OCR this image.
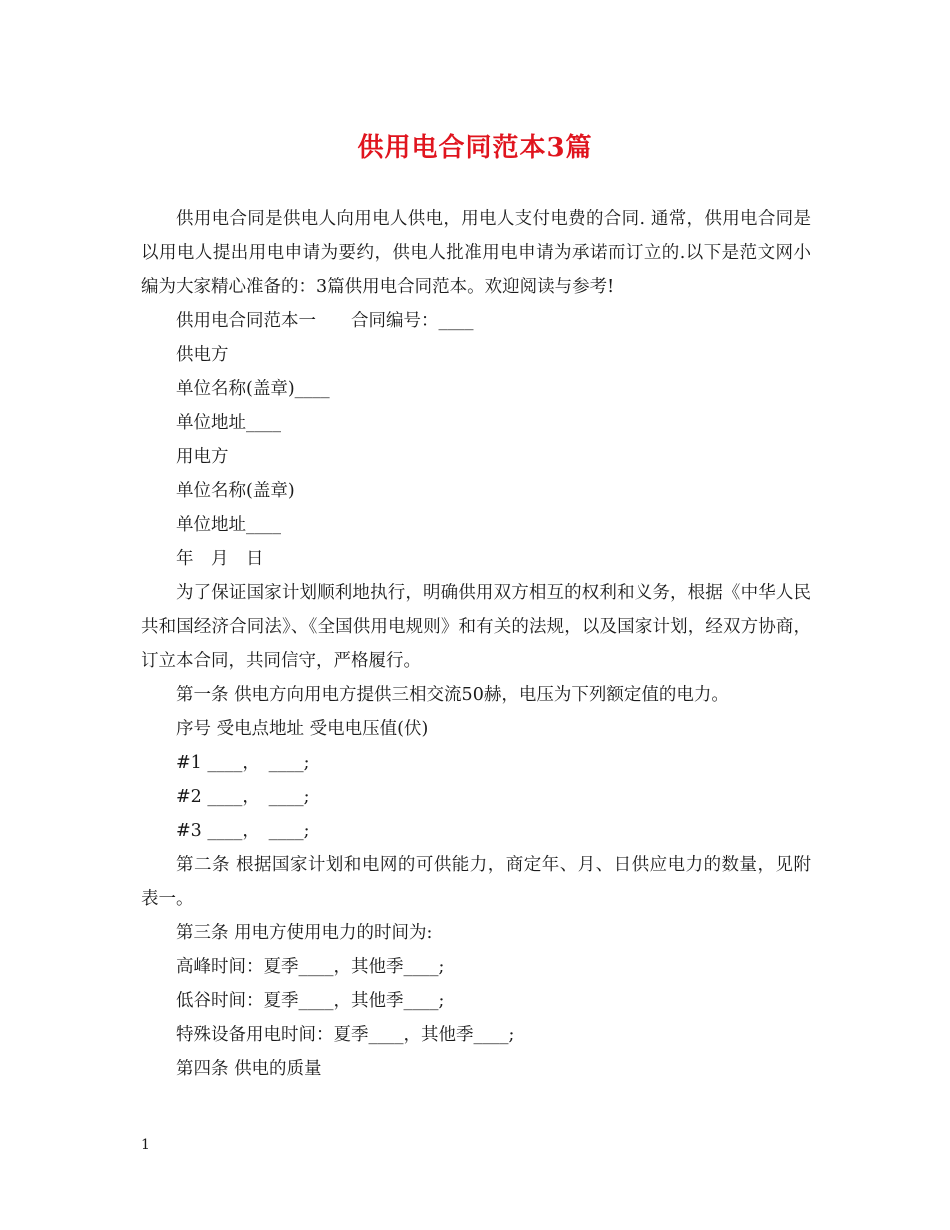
供用电合同范本3篇

供用电合同是供电人向用电人供电，用电人支付电费的合同. 通常，供用电合同是以用电人提出用电申请为要约，供电人批准用电申请为承诺而订立的.以下是范文网小编为大家精心准备的：3篇供用电合同范本。欢迎阅读与参考!

供用电合同范本一　　合同编号：____

供电方

单位名称(盖章)____

单位地址____

用电方

单位名称(盖章)

单位地址____

年　月　日

为了保证国家计划顺利地执行，明确供用双方相互的权利和义务，根据《中华人民共和国经济合同法》、《全国供用电规则》和有关的法规，以及国家计划，经双方协商，订立本合同，共同信守，严格履行。

第一条 供电方向用电方提供三相交流50赫，电压为下列额定值的电力。

序号 受电点地址 受电电压值(伏)

#1 ____，　____;

#2 ____，　____;

#3 ____，　____;

第二条 根据国家计划和电网的可供能力，商定年、月、日供应电力的数量，见附表一。

第三条 用电方使用电力的时间为:

高峰时间：夏季____，其他季____;

低谷时间：夏季____，其他季____;

特殊设备用电时间：夏季____，其他季____;

第四条 供电的质量

1
